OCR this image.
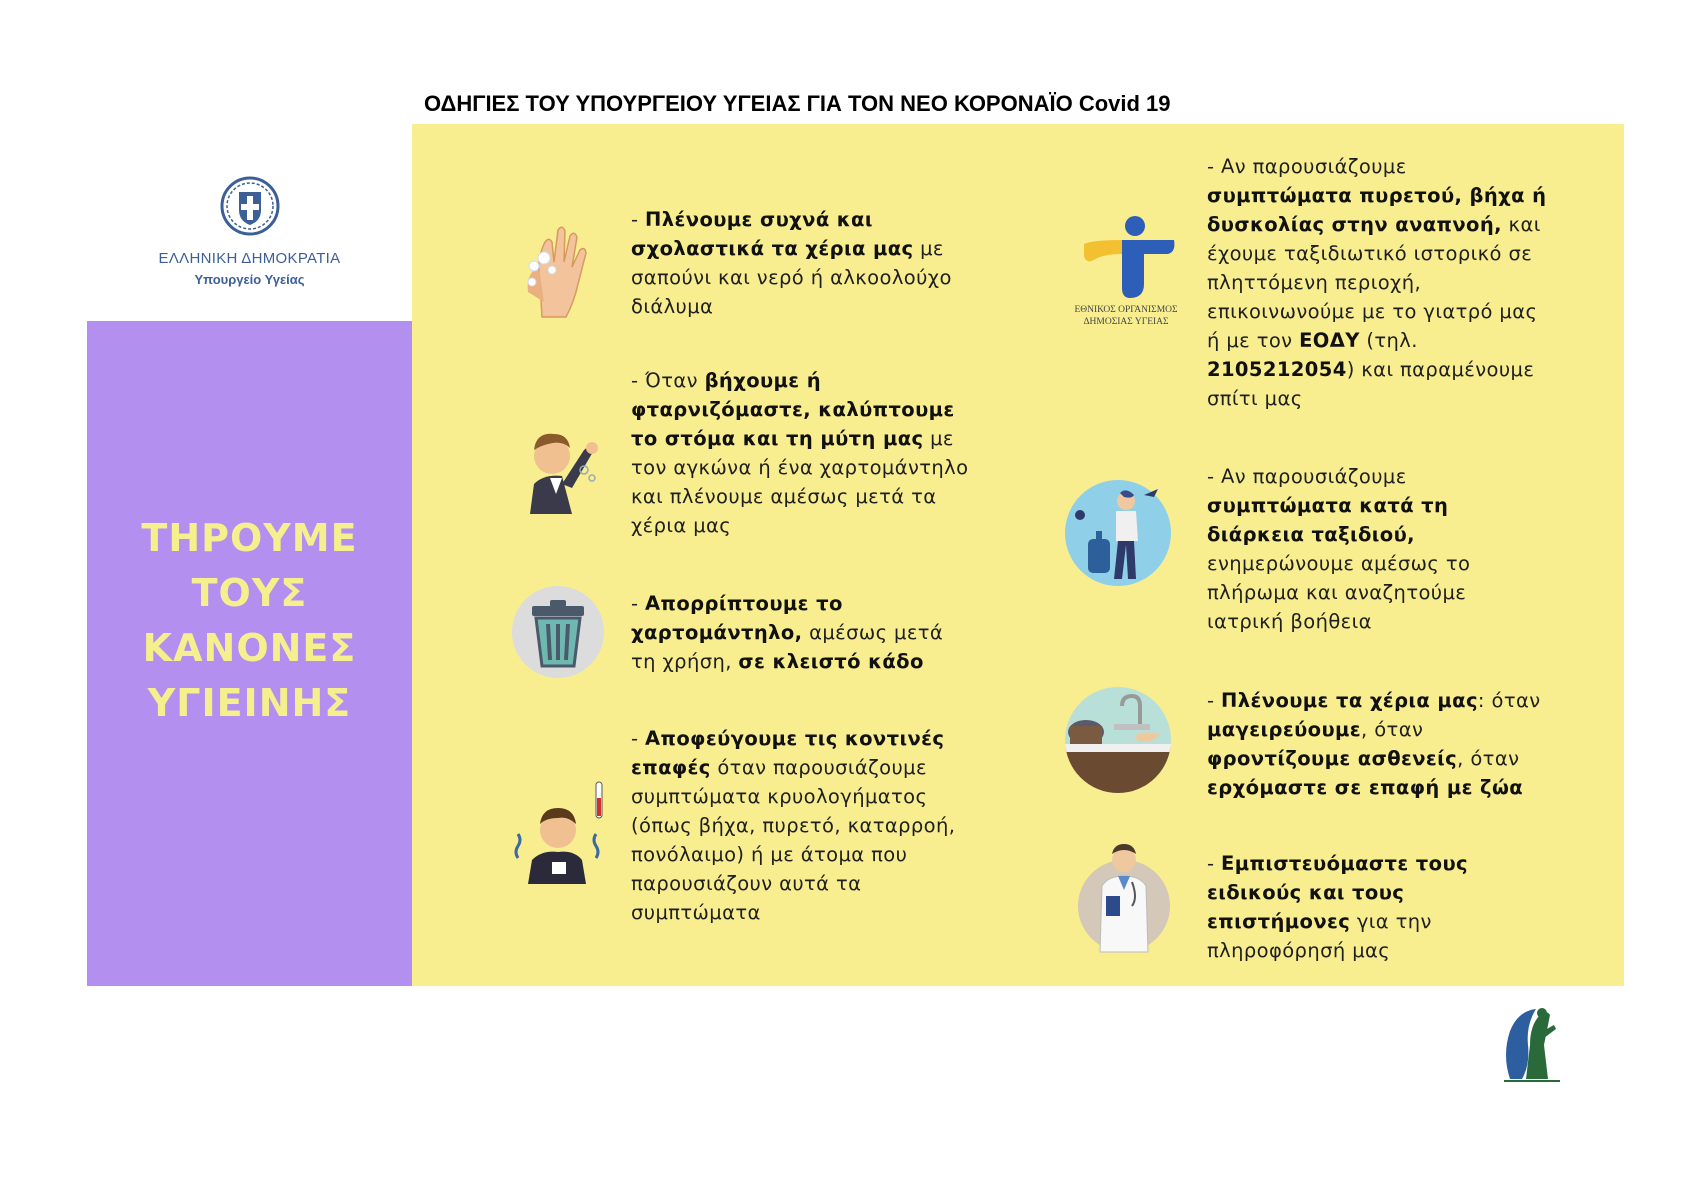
ΟΔΗΓΙΕΣ ΤΟΥ ΥΠΟΥΡΓΕΙΟΥ ΥΓΕΙΑΣ ΓΙΑ ΤΟΝ ΝΕΟ ΚΟΡΟΝΑΪΟ Covid 19
ΕΛΛΗΝΙΚΗ ΔΗΜΟΚΡΑΤΙΑ
Υπουργείο Υγείας
ΤΗΡΟΥΜΕ
ΤΟΥΣ
ΚΑΝΟΝΕΣ
ΥΓΙΕΙΝΗΣ
- Πλένουμε συχνά και σχολαστικά τα χέρια μας με σαπούνι και νερό ή αλκοολούχο διάλυμα
- Όταν βήχουμε ή φταρνιζόμαστε, καλύπτουμε το στόμα και τη μύτη μας με τον αγκώνα ή ένα χαρτομάντηλο και πλένουμε αμέσως μετά τα χέρια μας
- Απορρίπτουμε το χαρτομάντηλο, αμέσως μετά τη χρήση, σε κλειστό κάδο
- Αποφεύγουμε τις κοντινές επαφές όταν παρουσιάζουμε συμπτώματα κρυολογήματος (όπως βήχα, πυρετό, καταρροή, πονόλαιμο) ή με άτομα που παρουσιάζουν αυτά τα συμπτώματα
ΕΘΝΙΚΟΣ ΟΡΓΑΝΙΣΜΟΣ
ΔΗΜΟΣΙΑΣ ΥΓΕΙΑΣ
- Αν παρουσιάζουμε συμπτώματα πυρετού, βήχα ή δυσκολίας στην αναπνοή, και έχουμε ταξιδιωτικό ιστορικό σε πληττόμενη περιοχή, επικοινωνούμε με το γιατρό μας ή με τον ΕΟΔΥ (τηλ. 2105212054) και παραμένουμε σπίτι μας
- Αν παρουσιάζουμε συμπτώματα κατά τη διάρκεια ταξιδιού, ενημερώνουμε αμέσως το πλήρωμα και αναζητούμε ιατρική βοήθεια
- Πλένουμε τα χέρια μας: όταν μαγειρεύουμε, όταν φροντίζουμε ασθενείς, όταν ερχόμαστε σε επαφή με ζώα
- Εμπιστευόμαστε τους ειδικούς και τους επιστήμονες για την πληροφόρησή μας
